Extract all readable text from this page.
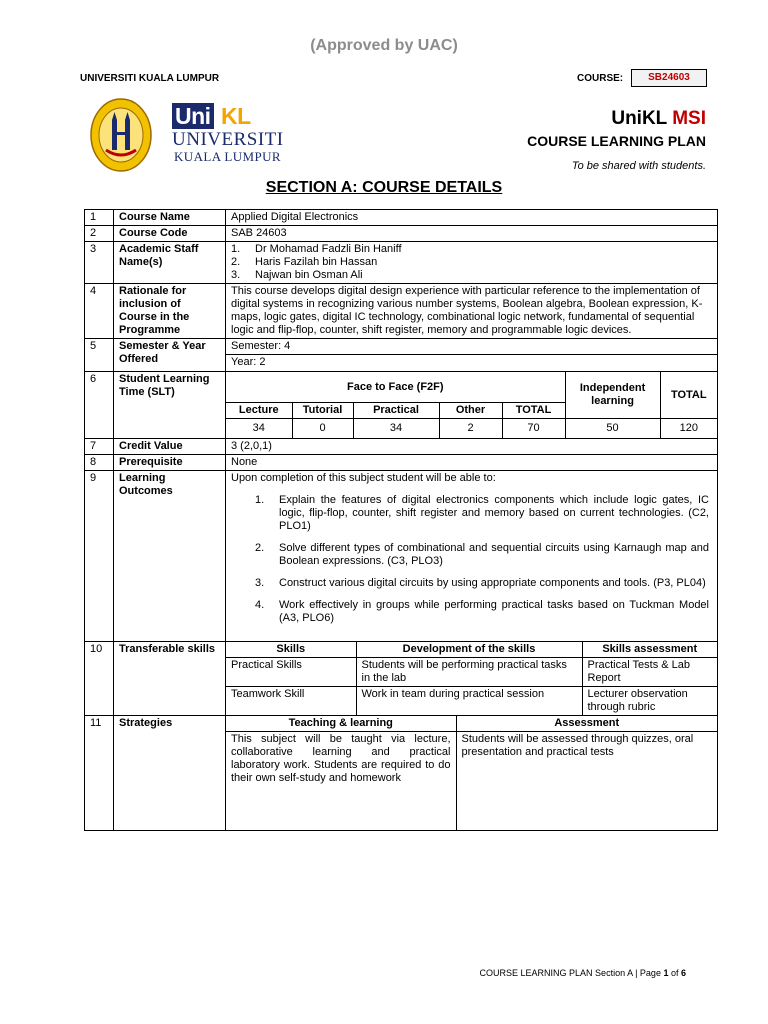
(Approved by UAC)
UNIVERSITI KUALA LUMPUR	COURSE:	SB24603
Uni KL
UNIVERSITI
KUALA LUMPUR
UniKL MSI
COURSE LEARNING PLAN
To be shared with students.
SECTION A: COURSE DETAILS
1	Course Name	Applied Digital Electronics
2	Course Code	SAB 24603
3	Academic Staff Name(s)	
1.	Dr Mohamad Fadzli Bin Haniff
2.	Haris Fazilah bin Hassan
3.	Najwan bin Osman Ali

4	Rationale for inclusion of Course in the Programme	This course develops digital design experience with particular reference to the implementation of digital systems in recognizing various number systems, Boolean algebra, Boolean expression, K-maps, logic gates, digital IC technology, combinational logic network, fundamental of sequential logic and flip-flop, counter, shift register, memory and programmable logic devices.
5	Semester & Year Offered	
Semester: 4
Year: 2

6	Student Learning Time (SLT)		Face to Face (F2F)	Independent learning	TOTAL
Lecture	Tutorial	Practical	Other	TOTAL
34	0	34	2	70	50	120

7	Credit Value	3 (2,0,1)
8	Prerequisite	None
9	Learning Outcomes	

Upon completion of this subject student will be able to:

1.	Explain the features of digital electronics components which include logic gates, IC logic, flip-flop, counter, shift register and memory based on current technologies. (C2, PLO1)
2.	Solve different types of combinational and sequential circuits using Karnaugh map and Boolean expressions. (C3, PLO3)
3.	Construct various digital circuits by using appropriate components and tools. (P3, PL04)
4.	Work effectively in groups while performing practical tasks based on Tuckman Model (A3, PLO6)

10	Transferable skills		Skills	Development of the skills	Skills assessment
Practical Skills	Students will be performing practical tasks in the lab	Practical Tests & Lab Report
Teamwork Skill	Work in team during practical session	Lecturer observation through rubric

11	Strategies		Teaching & learning	Assessment
This subject will be taught via lecture, collaborative learning and practical laboratory work. Students are required to do their own self-study and homework	Students will be assessed through quizzes, oral presentation and practical tests
COURSE LEARNING PLAN Section A | Page 1 of 6
